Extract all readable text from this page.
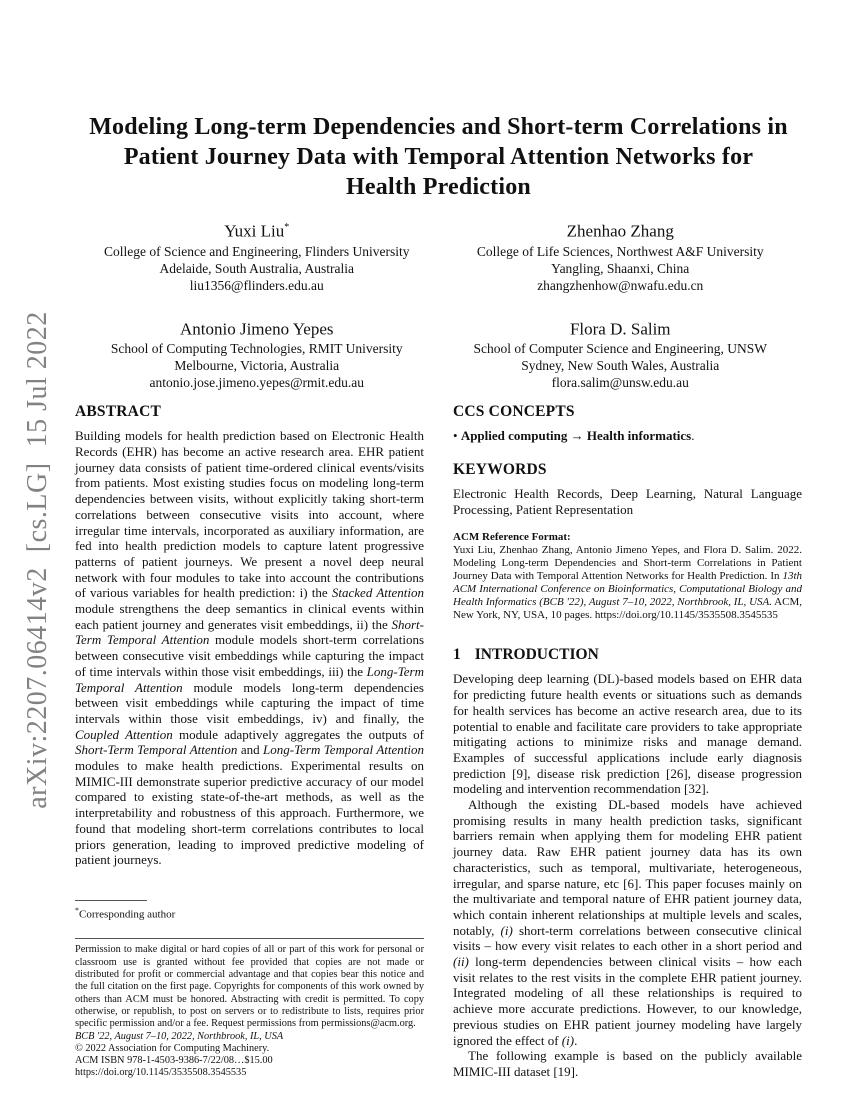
arXiv:2207.06414v2  [cs.LG]  15 Jul 2022
Modeling Long-term Dependencies and Short-term Correlations in Patient Journey Data with Temporal Attention Networks for Health Prediction
Yuxi Liu*
College of Science and Engineering, Flinders University
Adelaide, South Australia, Australia
liu1356@flinders.edu.au
Zhenhao Zhang
College of Life Sciences, Northwest A&F University
Yangling, Shaanxi, China
zhangzhenhow@nwafu.edu.cn
Antonio Jimeno Yepes
School of Computing Technologies, RMIT University
Melbourne, Victoria, Australia
antonio.jose.jimeno.yepes@rmit.edu.au
Flora D. Salim
School of Computer Science and Engineering, UNSW
Sydney, New South Wales, Australia
flora.salim@unsw.edu.au
ABSTRACT

Building models for health prediction based on Electronic Health Records (EHR) has become an active research area. EHR patient journey data consists of patient time-ordered clinical events/visits from patients. Most existing studies focus on modeling long-term dependencies between visits, without explicitly taking short-term correlations between consecutive visits into account, where irregular time intervals, incorporated as auxiliary information, are fed into health prediction models to capture latent progressive patterns of patient journeys. We present a novel deep neural network with four modules to take into account the contributions of various variables for health prediction: i) the Stacked Attention module strengthens the deep semantics in clinical events within each patient journey and generates visit embeddings, ii) the Short-Term Temporal Attention module models short-term correlations between consecutive visit embeddings while capturing the impact of time intervals within those visit embeddings, iii) the Long-Term Temporal Attention module models long-term dependencies between visit embeddings while capturing the impact of time intervals within those visit embeddings, iv) and finally, the Coupled Attention module adaptively aggregates the outputs of Short-Term Temporal Attention and Long-Term Temporal Attention modules to make health predictions. Experimental results on MIMIC-III demonstrate superior predictive accuracy of our model compared to existing state-of-the-art methods, as well as the interpretability and robustness of this approach. Furthermore, we found that modeling short-term correlations contributes to local priors generation, leading to improved predictive modeling of patient journeys.

*Corresponding author

Permission to make digital or hard copies of all or part of this work for personal or classroom use is granted without fee provided that copies are not made or distributed for profit or commercial advantage and that copies bear this notice and the full citation on the first page. Copyrights for components of this work owned by others than ACM must be honored. Abstracting with credit is permitted. To copy otherwise, or republish, to post on servers or to redistribute to lists, requires prior specific permission and/or a fee. Request permissions from permissions@acm.org.

BCB '22, August 7–10, 2022, Northbrook, IL, USA
© 2022 Association for Computing Machinery.
ACM ISBN 978-1-4503-9386-7/22/08…$15.00
https://doi.org/10.1145/3535508.3545535
CCS CONCEPTS

• Applied computing → Health informatics.

KEYWORDS

Electronic Health Records, Deep Learning, Natural Language Processing, Patient Representation

ACM Reference Format:

Yuxi Liu, Zhenhao Zhang, Antonio Jimeno Yepes, and Flora D. Salim. 2022. Modeling Long-term Dependencies and Short-term Correlations in Patient Journey Data with Temporal Attention Networks for Health Prediction. In 13th ACM International Conference on Bioinformatics, Computational Biology and Health Informatics (BCB '22), August 7–10, 2022, Northbrook, IL, USA. ACM, New York, NY, USA, 10 pages. https://doi.org/10.1145/3535508.3545535

1 INTRODUCTION

Developing deep learning (DL)-based models based on EHR data for predicting future health events or situations such as demands for health services has become an active research area, due to its potential to enable and facilitate care providers to take appropriate mitigating actions to minimize risks and manage demand. Examples of successful applications include early diagnosis prediction [9], disease risk prediction [26], disease progression modeling and intervention recommendation [32].

Although the existing DL-based models have achieved promising results in many health prediction tasks, significant barriers remain when applying them for modeling EHR patient journey data. Raw EHR patient journey data has its own characteristics, such as temporal, multivariate, heterogeneous, irregular, and sparse nature, etc [6]. This paper focuses mainly on the multivariate and temporal nature of EHR patient journey data, which contain inherent relationships at multiple levels and scales, notably, (i) short-term correlations between consecutive clinical visits – how every visit relates to each other in a short period and (ii) long-term dependencies between clinical visits – how each visit relates to the rest visits in the complete EHR patient journey. Integrated modeling of all these relationships is required to achieve more accurate predictions. However, to our knowledge, previous studies on EHR patient journey modeling have largely ignored the effect of (i).

The following example is based on the publicly available MIMIC-III dataset [19].
